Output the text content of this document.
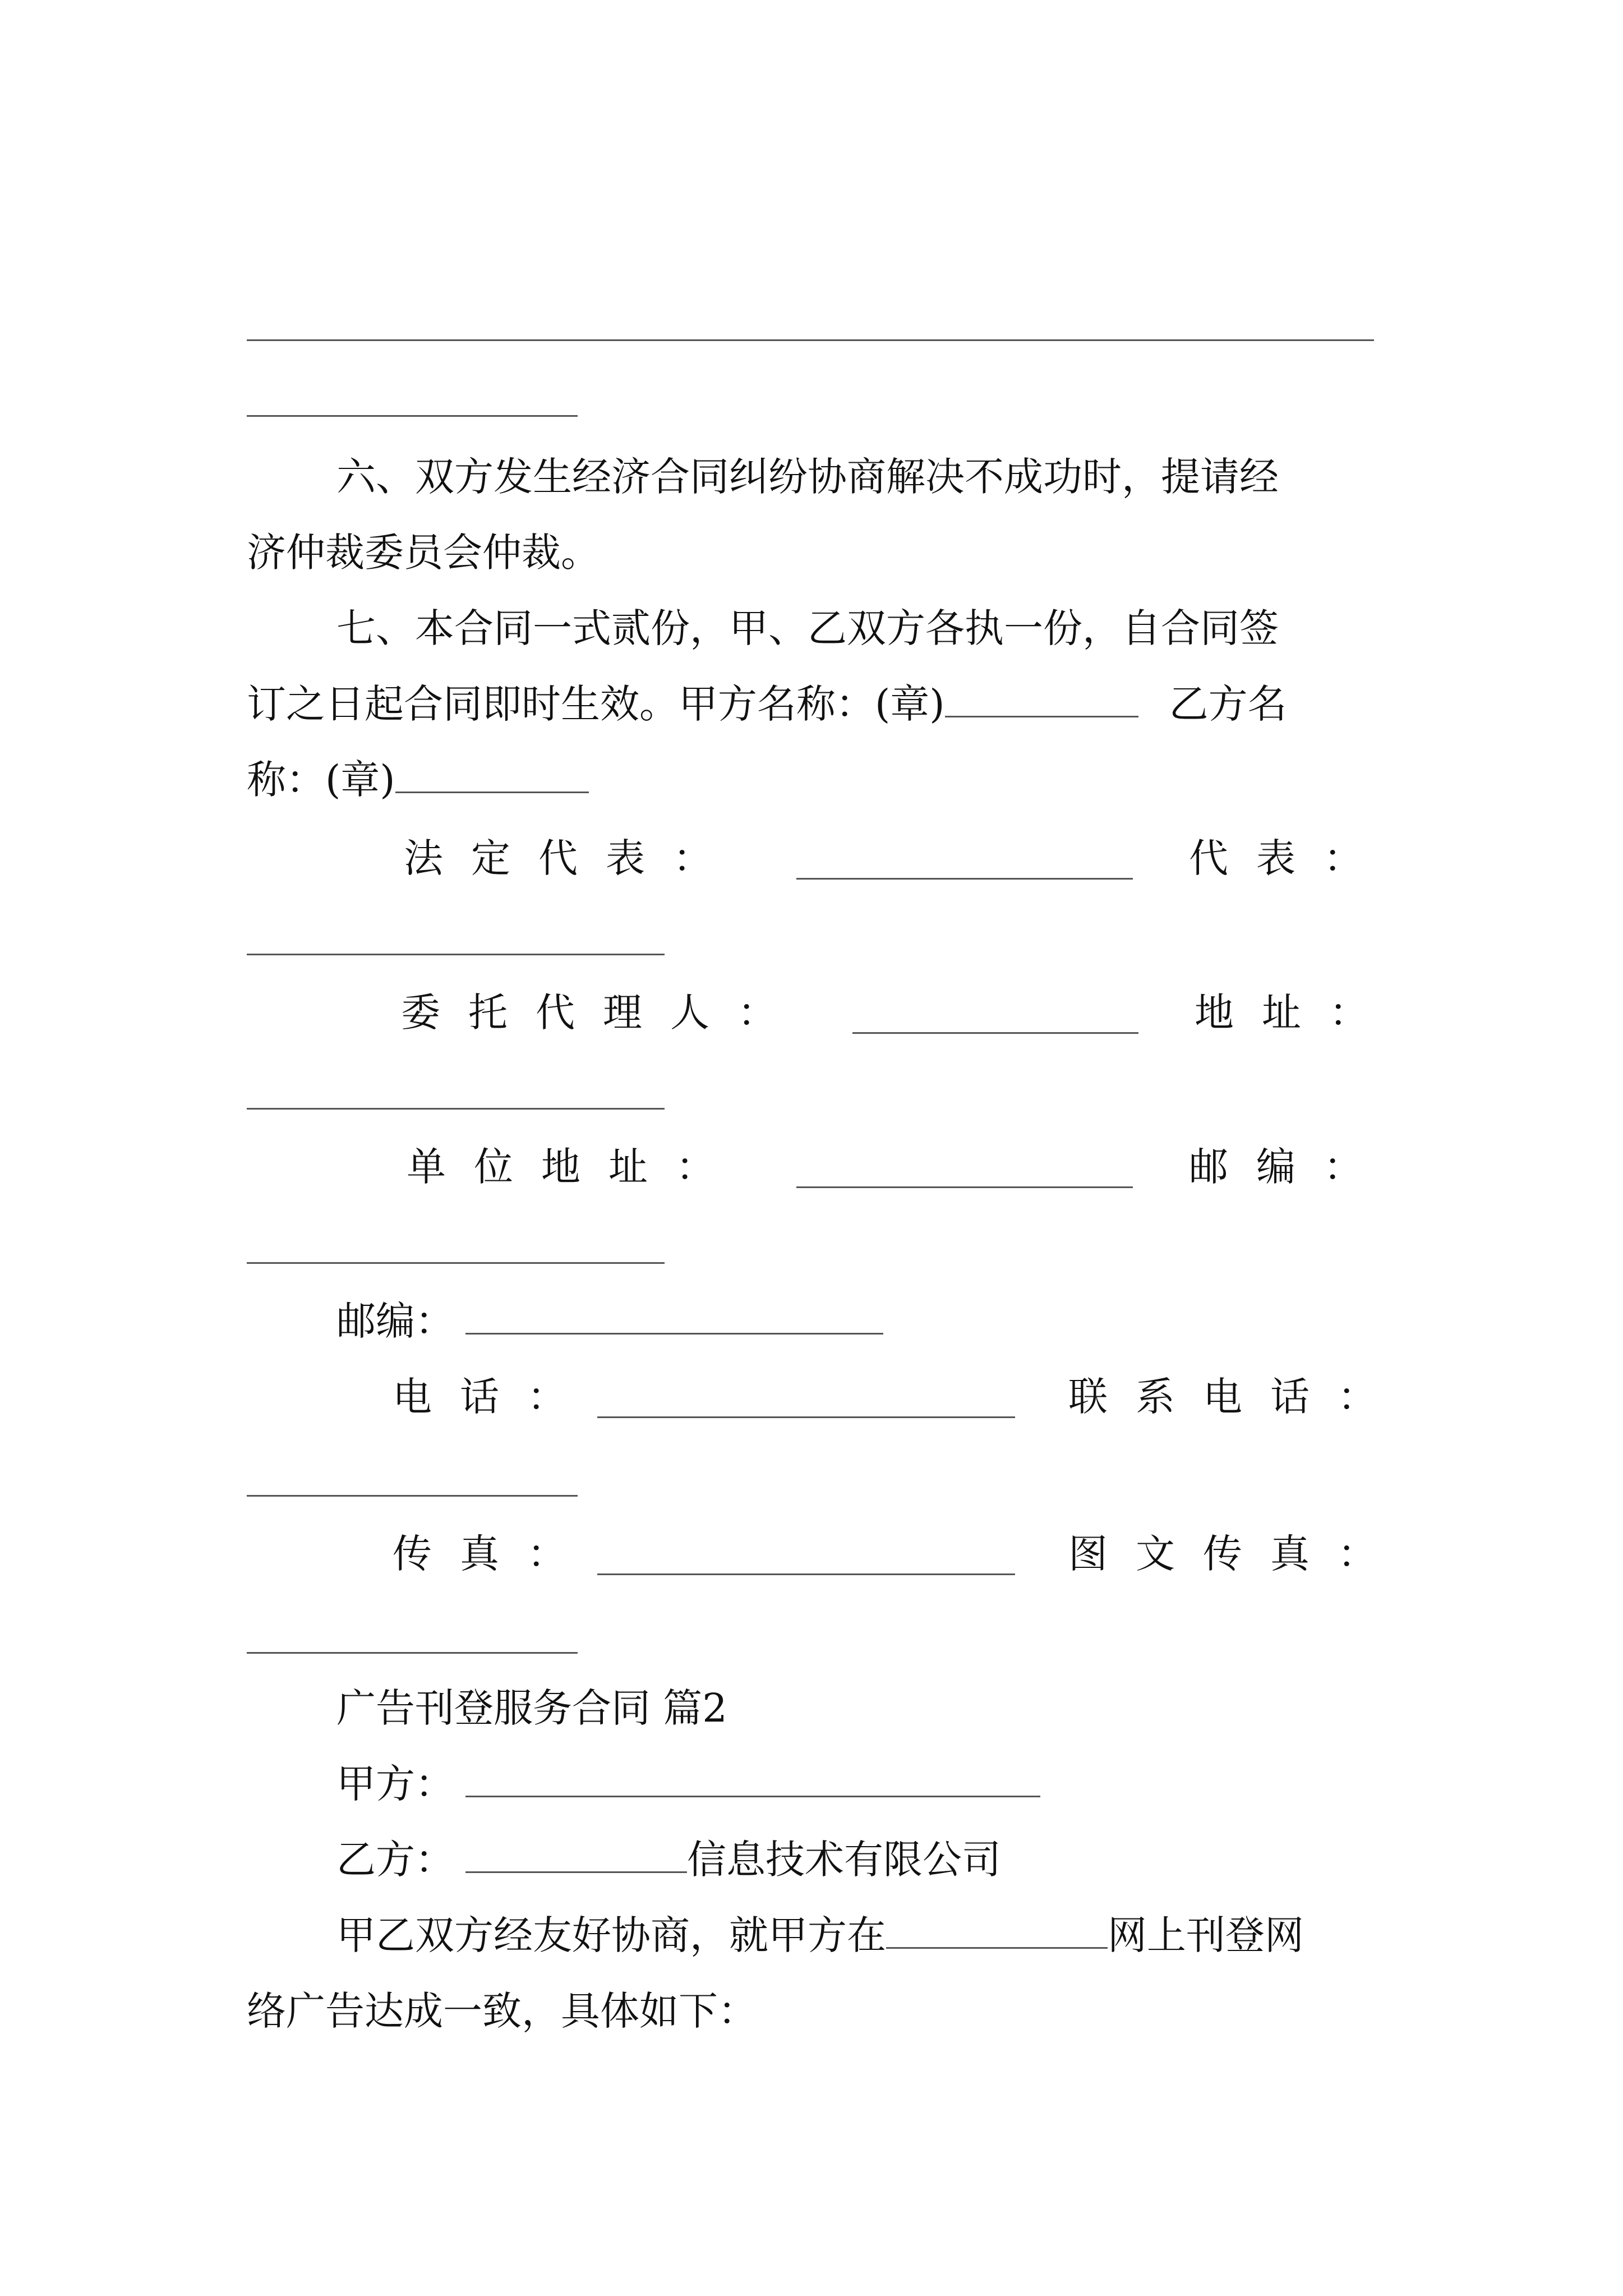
六、双方发生经济合同纠纷协商解决不成功时，提请经
济仲裁委员会仲裁。
七、本合同一式贰份，甲、乙双方各执一份，自合同签
订之日起合同即时生效。甲方名称：(章)	乙方名
称：(章)
法定代表：	代表：
委托代理人：	地址：
单位地址：	邮编：
邮编：
电话：	联系电话：
传真：	图文传真：
广告刊登服务合同 篇2
甲方：
乙方：	信息技术有限公司
甲乙双方经友好协商，就甲方在	网上刊登网
络广告达成一致，具体如下：
